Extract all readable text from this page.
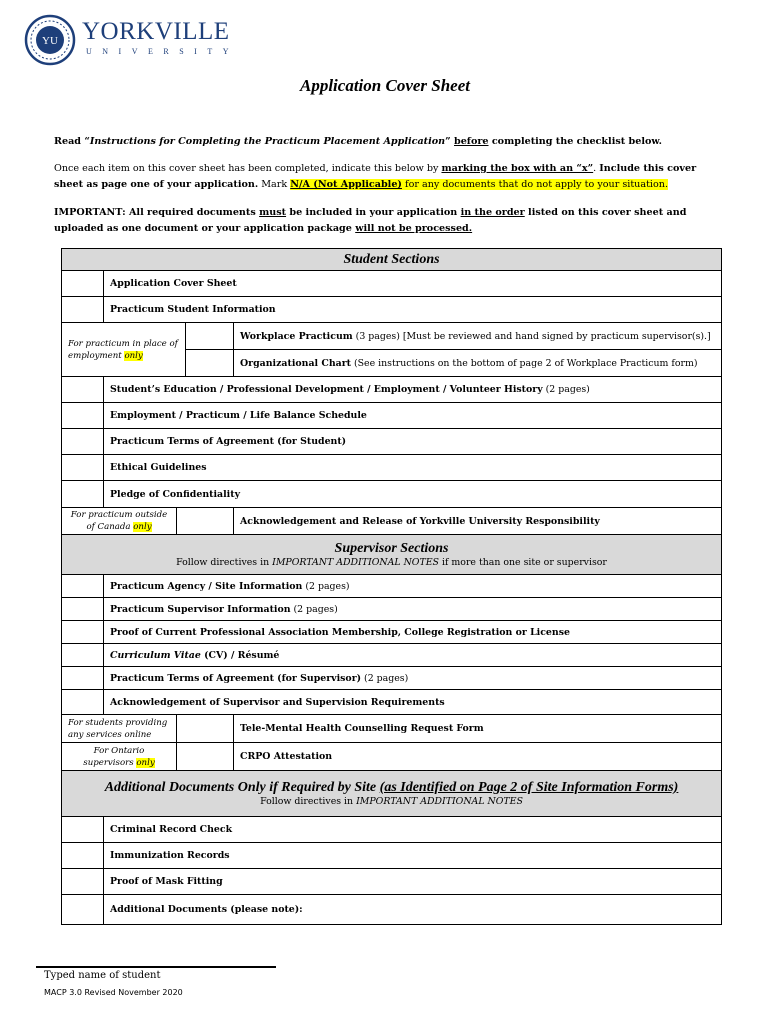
YU YORKVILLE
UNIVERSITY
Application Cover Sheet
Read “Instructions for Completing the Practicum Placement Application” before completing the checklist below.
Once each item on this cover sheet has been completed, indicate this below by marking the box with an “x”. Include this cover sheet as page one of your application. Mark N/A (Not Applicable) for any documents that do not apply to your situation.
IMPORTANT: All required documents must be included in your application in the order listed on this cover sheet and uploaded as one document or your application package will not be processed.
Student Sections				

	Application Cover Sheet			
	Practicum Student Information			
For practicum in place of employment only				Workplace Practicum (3 pages) [Must be reviewed and hand signed by practicum supervisor(s).]
				Organizational Chart (See instructions on the bottom of page 2 of Workplace Practicum form)
	Student’s Education / Professional Development / Employment / Volunteer History (2 pages)			
	Employment / Practicum / Life Balance Schedule			
	Practicum Terms of Agreement (for Student)			
	Ethical Guidelines			
	Pledge of Confidentiality			
For practicum outside of Canada only				Acknowledgement and Release of Yorkville University Responsibility

Supervisor Sections
Follow directives in IMPORTANT ADDITIONAL NOTES if more than one site or supervisor				

	Practicum Agency / Site Information (2 pages)			
	Practicum Supervisor Information (2 pages)			
	Proof of Current Professional Association Membership, College Registration or License			
	Curriculum Vitae (CV) / Résumé			
	Practicum Terms of Agreement (for Supervisor) (2 pages)			
	Acknowledgement of Supervisor and Supervision Requirements			
For students providing any services online				Tele-Mental Health Counselling Request Form
For Ontario supervisors only				CRPO Attestation

Additional Documents Only if Required by Site (as Identified on Page 2 of Site Information Forms)
Follow directives in IMPORTANT ADDITIONAL NOTES				

	Criminal Record Check			
	Immunization Records			
	Proof of Mask Fitting			
	Additional Documents (please note):			
Typed name of student
MACP 3.0 Revised November 2020
